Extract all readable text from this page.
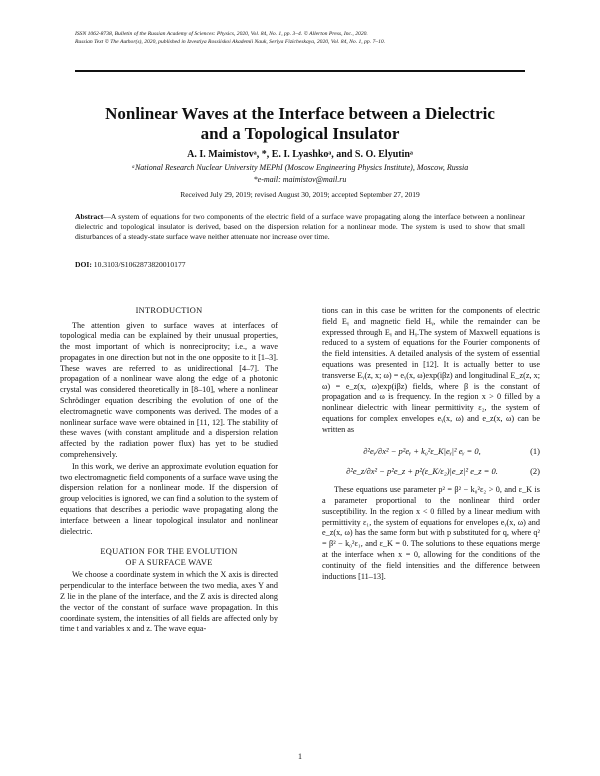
ISSN 1062-8738, Bulletin of the Russian Academy of Sciences: Physics, 2020, Vol. 84, No. 1, pp. 3–4. © Allerton Press, Inc., 2020.
Russian Text © The Author(s), 2020, published in Izvestiya Rossiiskoi Akademii Nauk, Seriya Fizicheskaya, 2020, Vol. 84, No. 1, pp. 7–10.
Nonlinear Waves at the Interface between a Dielectric
and a Topological Insulator
A. I. Maimistovᵃ, *, E. I. Lyashkoᵃ, and S. O. Elyutinᵃ
ᵃNational Research Nuclear University MEPhI (Moscow Engineering Physics Institute), Moscow, Russia
*e-mail: maimistov@mail.ru
Received July 29, 2019; revised August 30, 2019; accepted September 27, 2019
Abstract—A system of equations for two components of the electric field of a surface wave propagating along the interface between a nonlinear dielectric and topological insulator is derived, based on the dispersion relation for a nonlinear mode. The system is used to show that small disturbances of a steady-state surface wave neither attenuate nor increase over time.
DOI: 10.3103/S1062873820010177
INTRODUCTION

The attention given to surface waves at interfaces of topological media can be explained by their unusual properties, the most important of which is nonreciprocity; i.e., a wave propagates in one direction but not in the one opposite to it [1–3]. These waves are referred to as unidirectional [4–7]. The propagation of a nonlinear wave along the edge of a photonic crystal was considered theoretically in [8–10], where a nonlinear Schrödinger equation describing the evolution of one of the electromagnetic wave components was derived. The modes of a nonlinear surface wave were obtained in [11, 12]. The stability of these waves (with constant amplitude and a dispersion relation affected by the radiation power flux) has yet to be studied comprehensively.

In this work, we derive an approximate evolution equation for two electromagnetic field components of a surface wave using the dispersion relation for a nonlinear mode. If the dispersion of group velocities is ignored, we can find a solution to the system of equations that describes a periodic wave propagating along the interface between a linear topological insulator and nonlinear dielectric.

EQUATION FOR THE EVOLUTION
OF A SURFACE WAVE

We choose a coordinate system in which the X axis is directed perpendicular to the interface between the two media, axes Y and Z lie in the plane of the interface, and the Z axis is directed along the vector of the constant of surface wave propagation. In this coordinate system, the intensities of all fields are affected only by time t and variables x and z. The wave equa-

tions can in this case be written for the components of electric field Eᵧ and magnetic field Hᵧ, while the remainder can be expressed through Eᵧ and Hᵧ.The system of Maxwell equations is reduced to a system of equations for the Fourier components of the field intensities. A detailed analysis of the system of essential equations was presented in [12]. It is actually better to use transverse Eᵧ(z, x; ω) = eᵧ(x, ω)exp(iβz) and longitudinal E_z(z, x; ω) = e_z(x, ω)exp(iβz) fields, where β is the constant of propagation and ω is frequency. In the region x > 0 filled by a nonlinear dielectric with linear permittivity ε₂, the system of equations for complex envelopes eᵧ(x, ω) and e_z(x, ω) can be written as

∂²eᵧ/∂x² − p²eᵧ + k₀²ε_K|eᵧ|² eᵧ = 0,	(1)
∂²e_z/∂x² − p²e_z + p²(ε_K/ε₂)|e_z|² e_z = 0.	(2)

These equations use parameter p² = β² − k₀²ε₂ > 0, and ε_K is a parameter proportional to the nonlinear third order susceptibility. In the region x < 0 filled by a linear medium with permittivity ε₁, the system of equations for envelopes eᵧ(x, ω) and e_z(x, ω) has the same form but with p substituted for q, where q² = β² − k₀²ε₁, and ε_K = 0. The solutions to these equations merge at the interface when x = 0, allowing for the conditions of the continuity of the field intensities and the difference between inductions [11–13].

1
